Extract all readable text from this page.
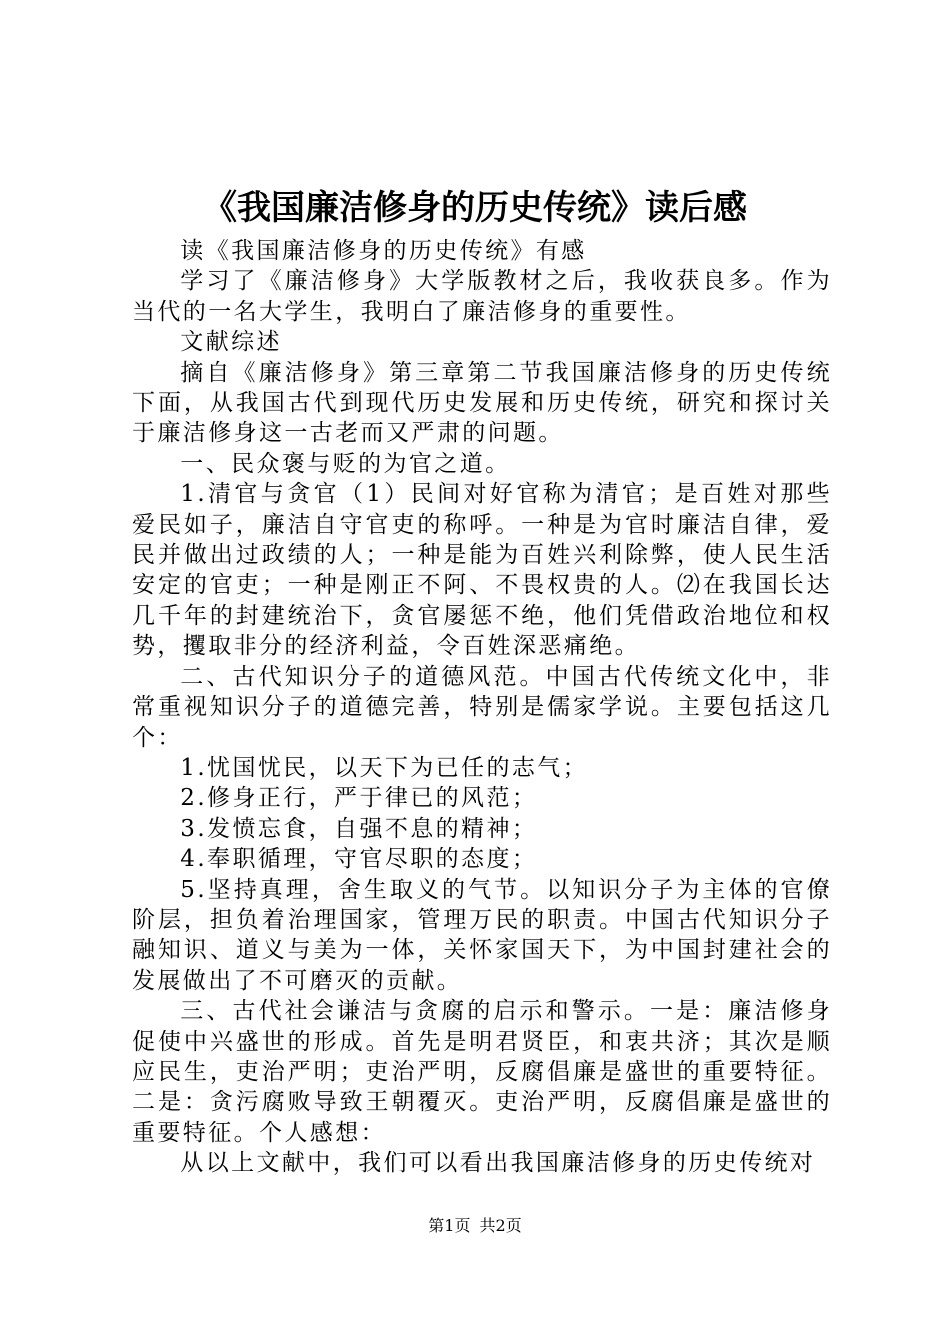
《我国廉洁修身的历史传统》读后感

读《我国廉洁修身的历史传统》有感

学习了《廉洁修身》大学版教材之后，我收获良多。作为当代的一名大学生，我明白了廉洁修身的重要性。

文献综述

摘自《廉洁修身》第三章第二节我国廉洁修身的历史传统下面，从我国古代到现代历史发展和历史传统，研究和探讨关于廉洁修身这一古老而又严肃的问题。

一、民众褒与贬的为官之道。

1.清官与贪官（1）民间对好官称为清官；是百姓对那些爱民如子，廉洁自守官吏的称呼。一种是为官时廉洁自律，爱民并做出过政绩的人；一种是能为百姓兴利除弊，使人民生活安定的官吏；一种是刚正不阿、不畏权贵的人。⑵在我国长达几千年的封建统治下，贪官屡惩不绝，他们凭借政治地位和权势，攫取非分的经济利益，令百姓深恶痛绝。

二、古代知识分子的道德风范。中国古代传统文化中，非常重视知识分子的道德完善，特别是儒家学说。主要包括这几个：

1.忧国忧民，以天下为已任的志气；

2.修身正行，严于律已的风范；

3.发愤忘食，自强不息的精神；

4.奉职循理，守官尽职的态度；

5.坚持真理，舍生取义的气节。以知识分子为主体的官僚阶层，担负着治理国家，管理万民的职责。中国古代知识分子融知识、道义与美为一体，关怀家国天下，为中国封建社会的发展做出了不可磨灭的贡献。

三、古代社会谦洁与贪腐的启示和警示。一是：廉洁修身促使中兴盛世的形成。首先是明君贤臣，和衷共济；其次是顺应民生，吏治严明；吏治严明，反腐倡廉是盛世的重要特征。二是：贪污腐败导致王朝覆灭。吏治严明，反腐倡廉是盛世的重要特征。个人感想：

从以上文献中，我们可以看出我国廉洁修身的历史传统对

第1页 共2页
